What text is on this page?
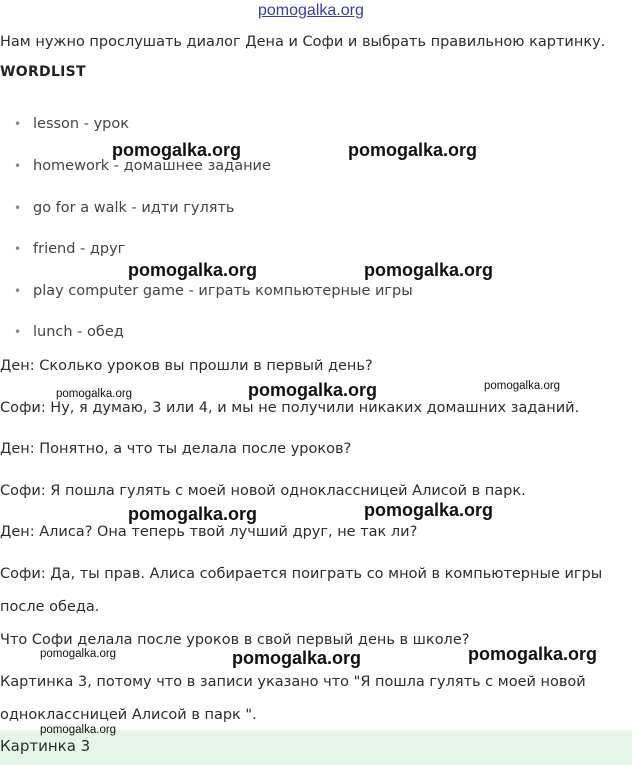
pomogalka.org
Нам нужно прослушать диалог Дена и Софи и выбрать правильною картинку.
WORDLIST
• lesson - урок
• homework - домашнее задание
• go for a walk - идти гулять
• friend - друг
• play computer game - играть компьютерные игры
• lunch - обед
Ден: Сколько уроков вы прошли в первый день?
Софи: Ну, я думаю, 3 или 4, и мы не получили никаких домашних заданий.
Ден: Понятно, а что ты делала после уроков?
Софи: Я пошла гулять с моей новой одноклассницей Алисой в парк.
Ден: Алиса? Она теперь твой лучший друг, не так ли?
Софи: Да, ты прав. Алиса собирается поиграть со мной в компьютерные игры
после обеда.
Что Софи делала после уроков в свой первый день в школе?
Картинка 3, потому что в записи указано что "Я пошла гулять с моей новой
одноклассницей Алисой в парк ".
Картинка 3
pomogalka.org	pomogalka.org
pomogalka.org	pomogalka.org
pomogalka.org	pomogalka.org	pomogalka.org
pomogalka.org	pomogalka.org
pomogalka.org	pomogalka.org	pomogalka.org
pomogalka.org
